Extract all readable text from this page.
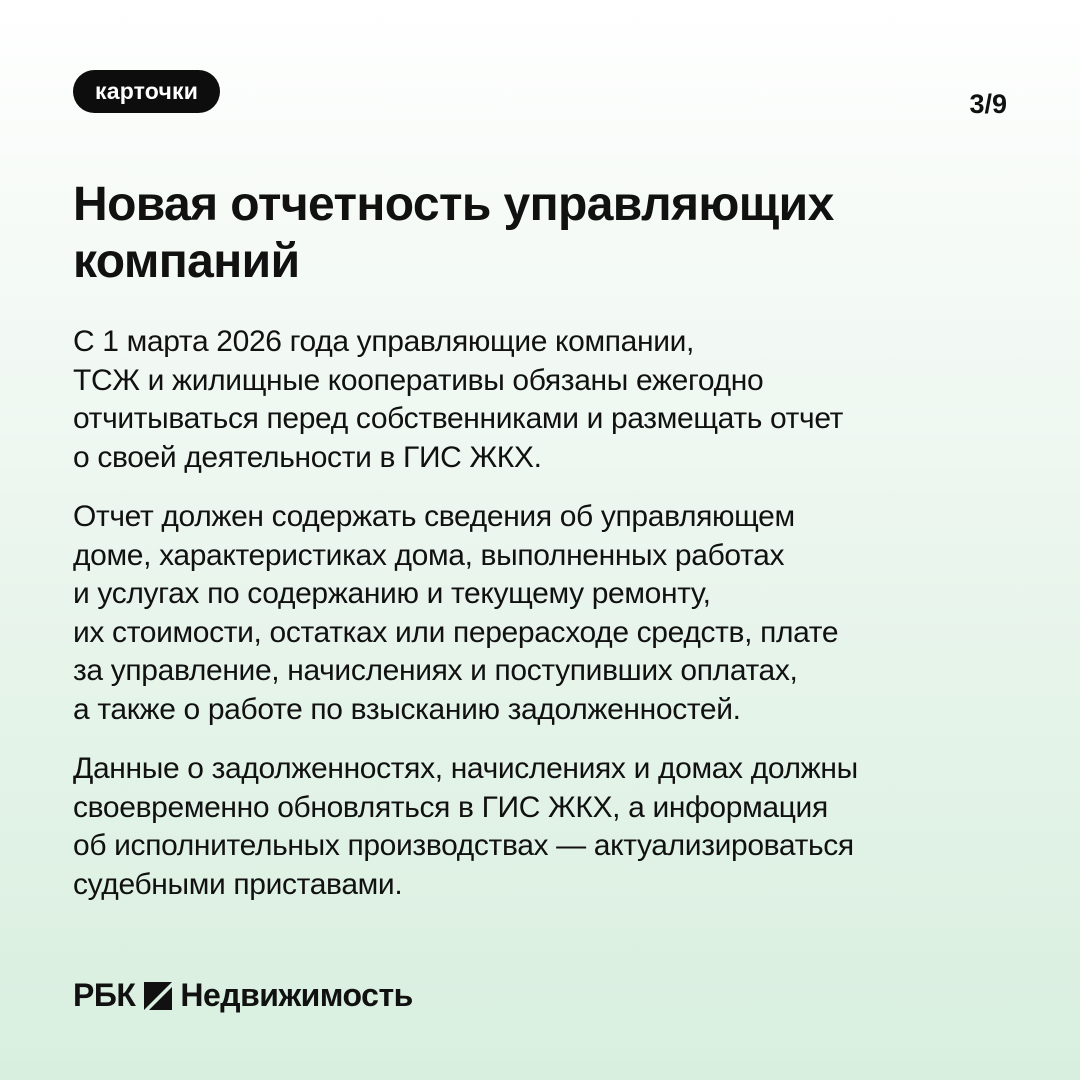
карточки	3/9
Новая отчетность управляющих
компаний

С 1 марта 2026 года управляющие компании,
ТСЖ и жилищные кооперативы обязаны ежегодно
отчитываться перед собственниками и размещать отчет
о своей деятельности в ГИС ЖКХ.

Отчет должен содержать сведения об управляющем
доме, характеристиках дома, выполненных работах
и услугах по содержанию и текущему ремонту,
их стоимости, остатках или перерасходе средств, плате
за управление, начислениях и поступивших оплатах,
а также о работе по взысканию задолженностей.

Данные о задолженностях, начислениях и домах должны
своевременно обновляться в ГИС ЖКХ, а информация
об исполнительных производствах — актуализироваться
судебными приставами.

РБК Недвижимость
